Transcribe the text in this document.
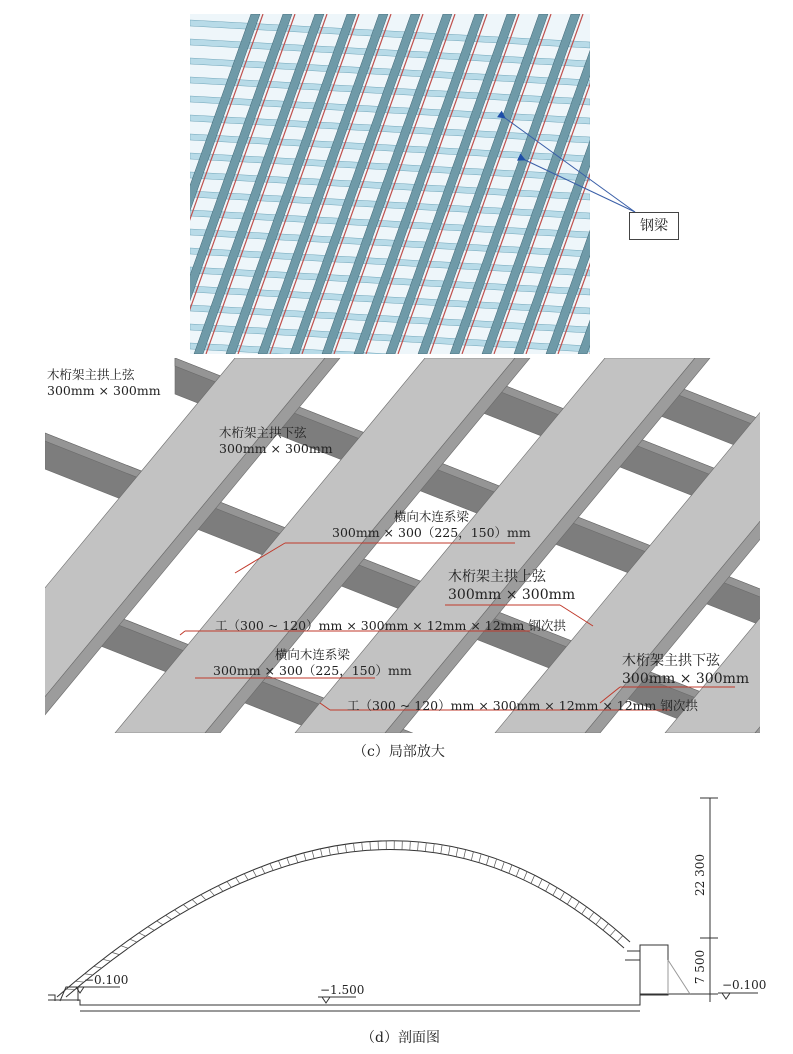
钢梁
木桁架主拱上弦
300mm × 300mm
木桁架主拱下弦
300mm × 300mm
横向木连系梁
300mm × 300（225，150）mm
木桁架主拱上弦
300mm × 300mm
工（300 ~ 120）mm × 300mm × 12mm × 12mm 钢次拱
横向木连系梁
300mm × 300（225，150）mm
木桁架主拱下弦
300mm × 300mm
工（300 ~ 120）mm × 300mm × 12mm × 12mm 钢次拱
（c）局部放大
22 300
7 500
−0.100
−1.500	−0.100
（d）剖面图
